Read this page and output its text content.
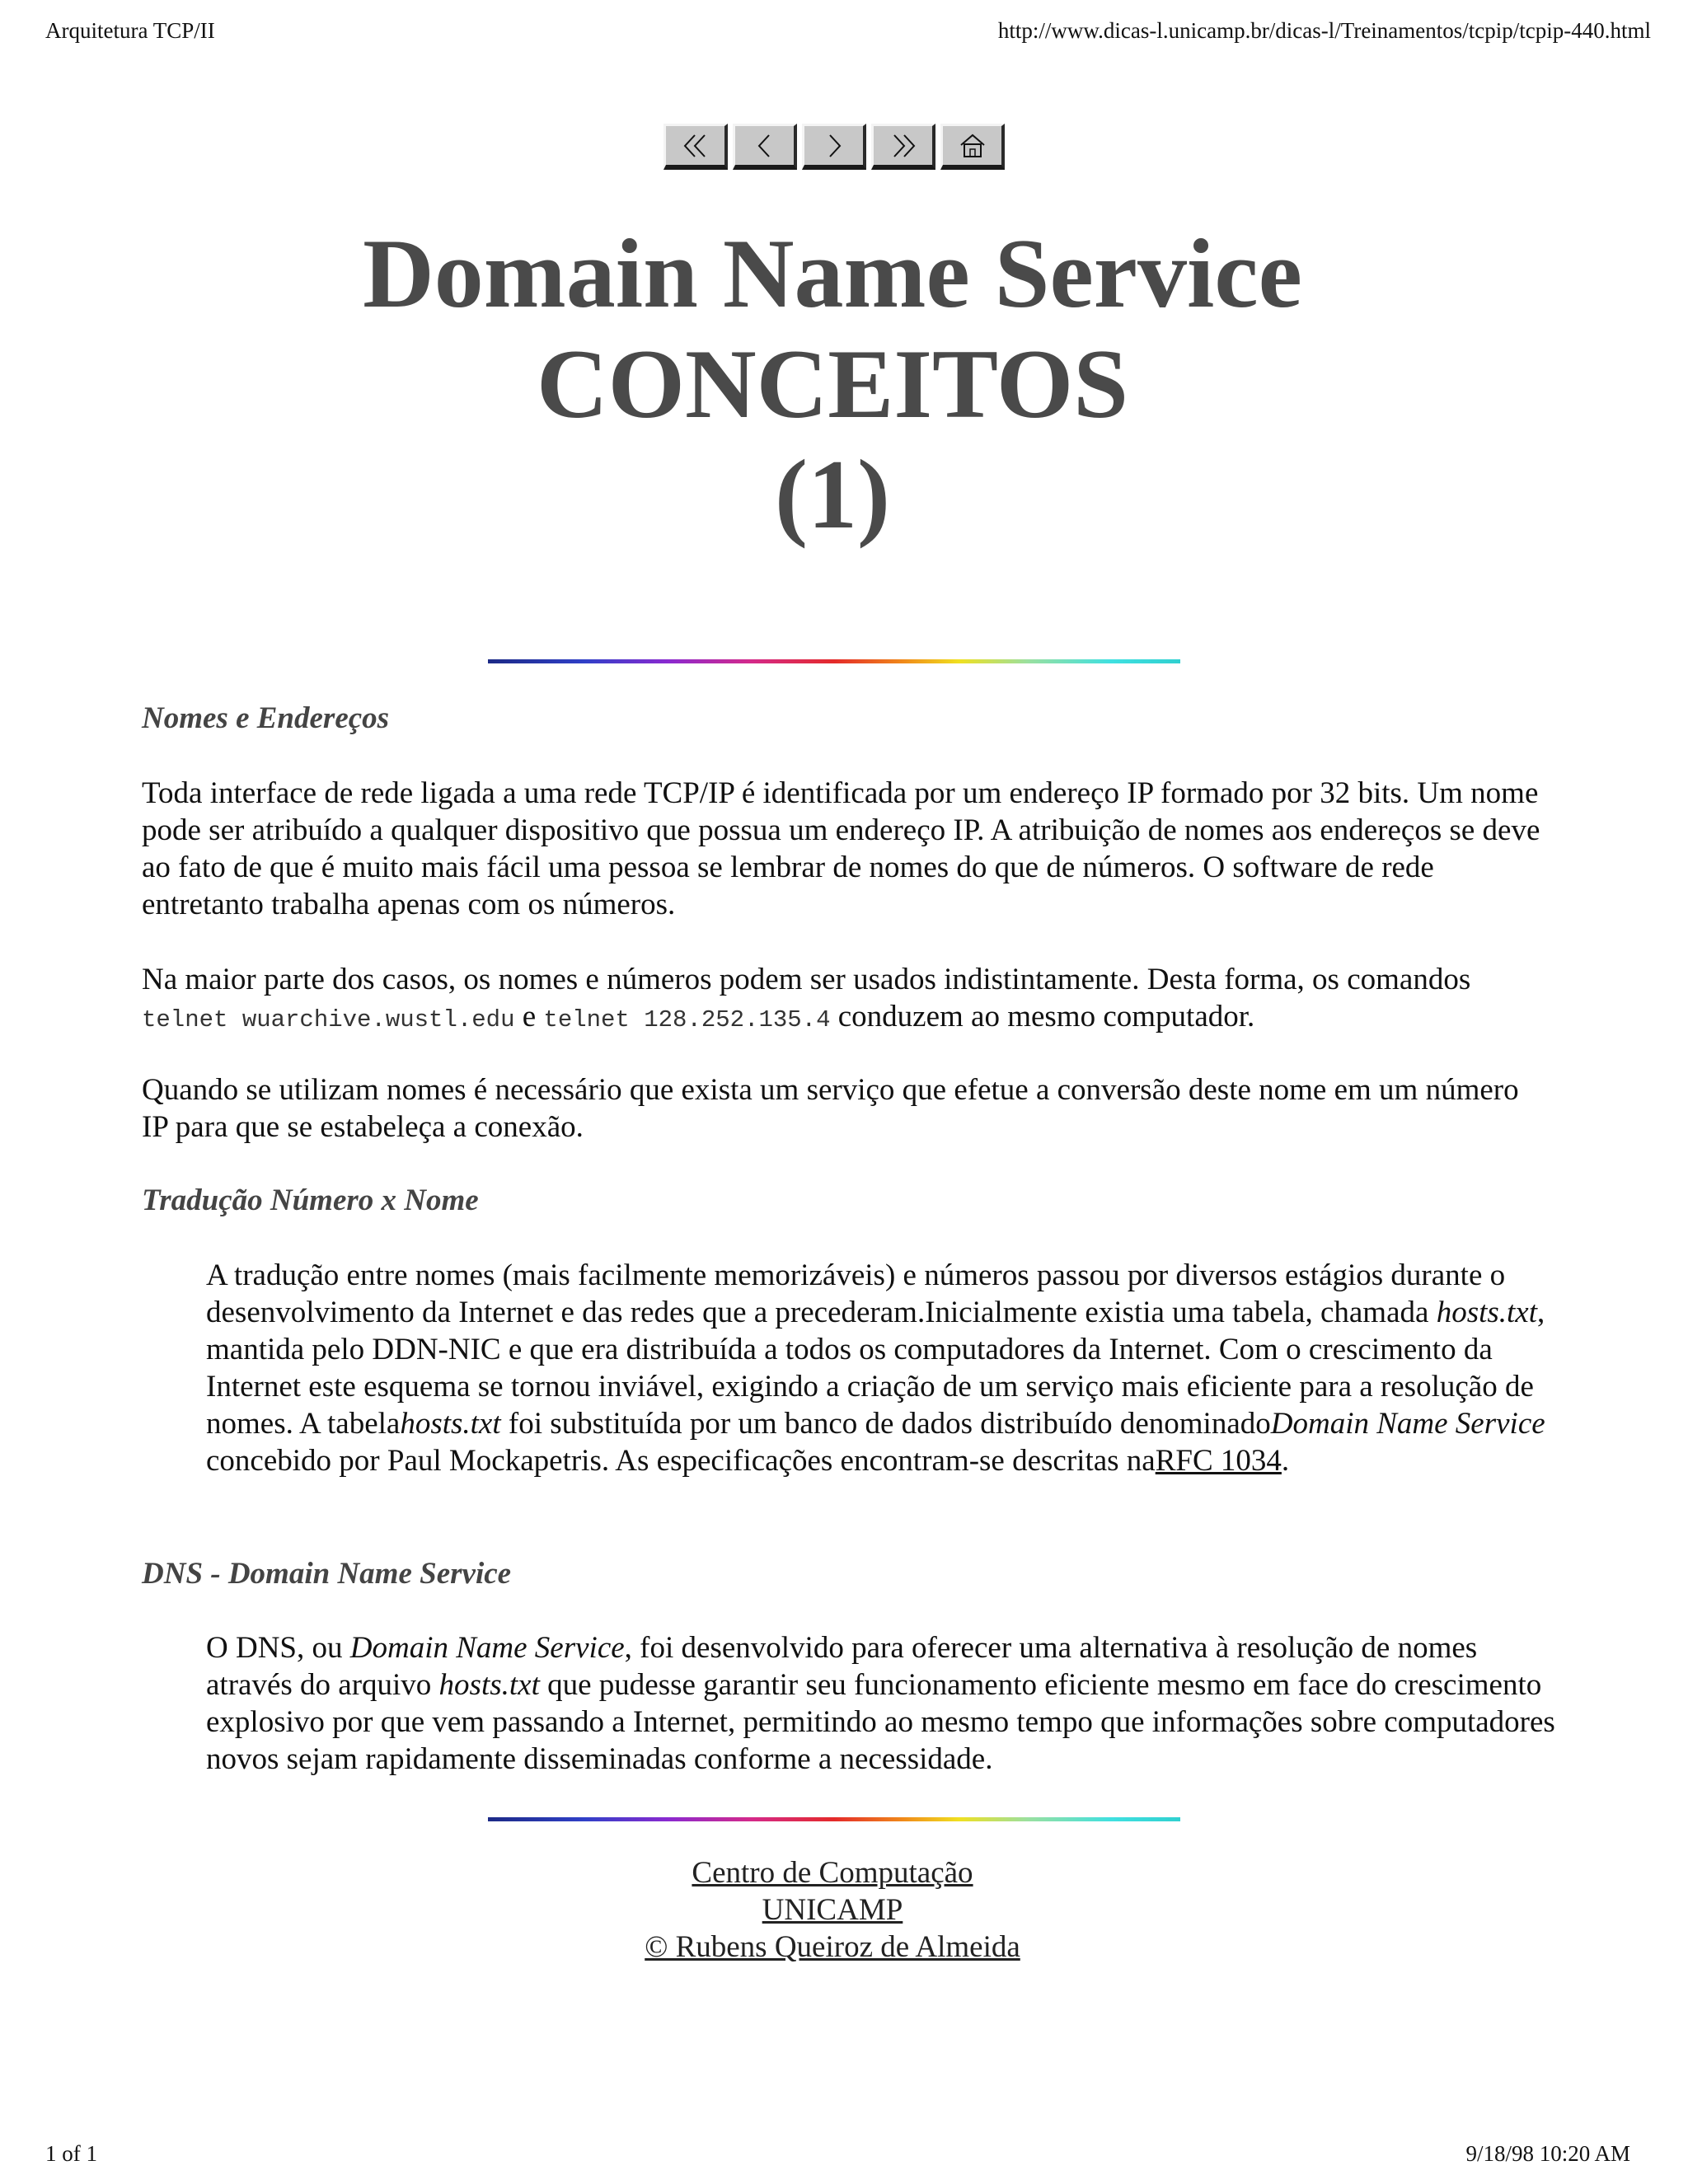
Arquitetura TCP/II	http://www.dicas-l.unicamp.br/dicas-l/Treinamentos/tcpip/tcpip-440.html
Domain Name Service
CONCEITOS
(1)
Nomes e Endereços
Toda interface de rede ligada a uma rede TCP/IP é identificada por um endereço IP formado por 32 bits. Um nome pode ser atribuído a qualquer dispositivo que possua um endereço IP. A atribuição de nomes aos endereços se deve ao fato de que é muito mais fácil uma pessoa se lembrar de nomes do que de números. O software de rede entretanto trabalha apenas com os números.
Na maior parte dos casos, os nomes e números podem ser usados indistintamente. Desta forma, os comandos telnet wuarchive.wustl.edu e telnet 128.252.135.4 conduzem ao mesmo computador.
Quando se utilizam nomes é necessário que exista um serviço que efetue a conversão deste nome em um número IP para que se estabeleça a conexão.
Tradução Número x Nome
A tradução entre nomes (mais facilmente memorizáveis) e números passou por diversos estágios durante o desenvolvimento da Internet e das redes que a precederam.Inicialmente existia uma tabela, chamada hosts.txt, mantida pelo DDN-NIC e que era distribuída a todos os computadores da Internet. Com o crescimento da Internet este esquema se tornou inviável, exigindo a criação de um serviço mais eficiente para a resolução de nomes. A tabelahosts.txt foi substituída por um banco de dados distribuído denominadoDomain Name Service concebido por Paul Mockapetris. As especificações encontram-se descritas naRFC 1034.
DNS - Domain Name Service
O DNS, ou Domain Name Service, foi desenvolvido para oferecer uma alternativa à resolução de nomes através do arquivo hosts.txt que pudesse garantir seu funcionamento eficiente mesmo em face do crescimento explosivo por que vem passando a Internet, permitindo ao mesmo tempo que informações sobre computadores novos sejam rapidamente disseminadas conforme a necessidade.
Centro de Computação
UNICAMP
© Rubens Queiroz de Almeida
1 of 1	9/18/98 10:20 AM
